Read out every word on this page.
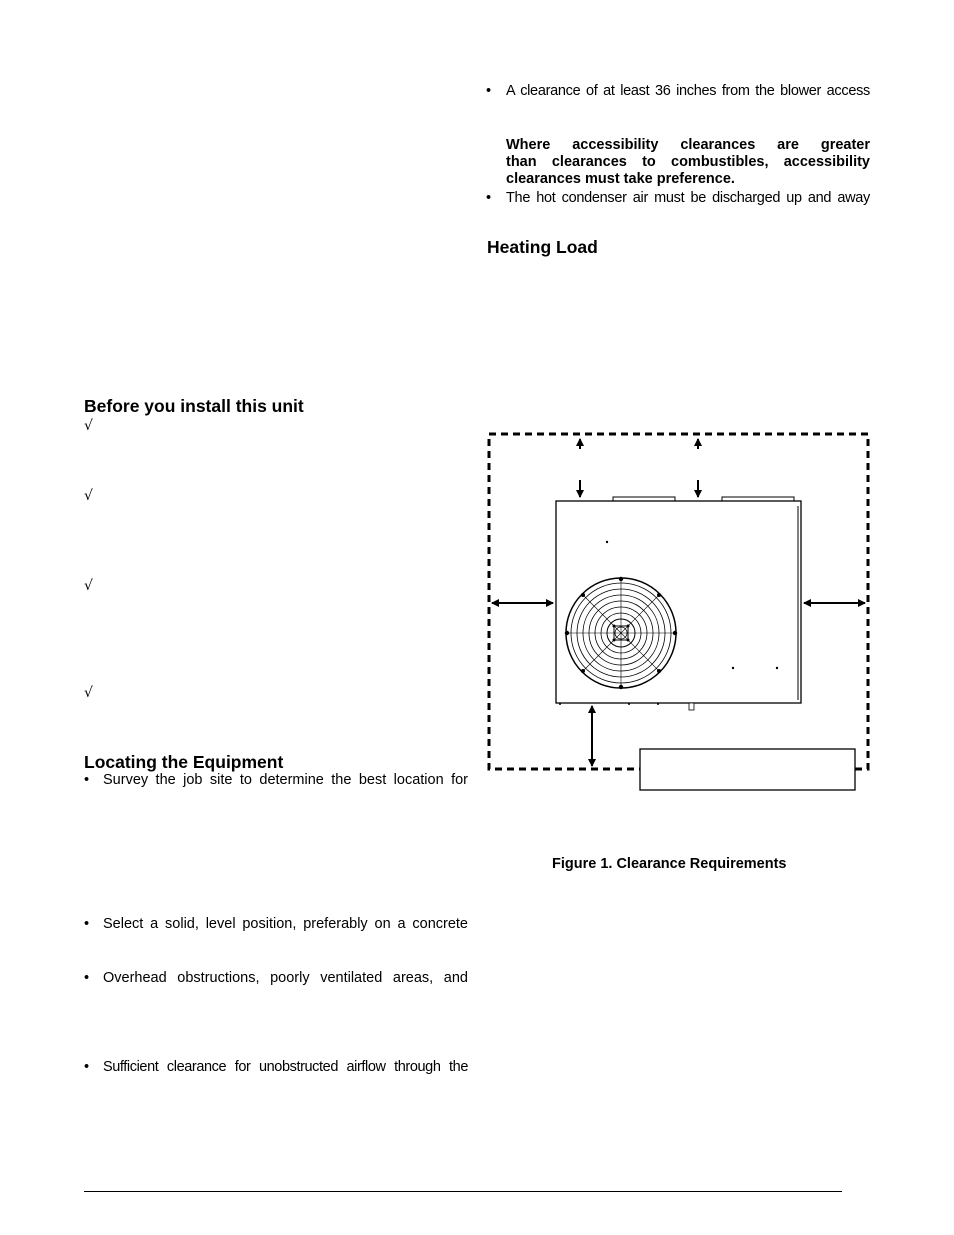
• A clearance of at least 36 inches from the blower access
Where accessibility clearances are greater
than clearances to combustibles, accessibility
clearances must take preference.
• The hot condenser air must be discharged up and away
Heating Load
Figure 1. Clearance Requirements
Before you install this unit
√
√
√
√
Locating the Equipment
• Survey the job site to determine the best location for
• Select a solid, level position, preferably on a concrete
• Overhead obstructions, poorly ventilated areas, and
• Sufficient clearance for unobstructed airflow through the
